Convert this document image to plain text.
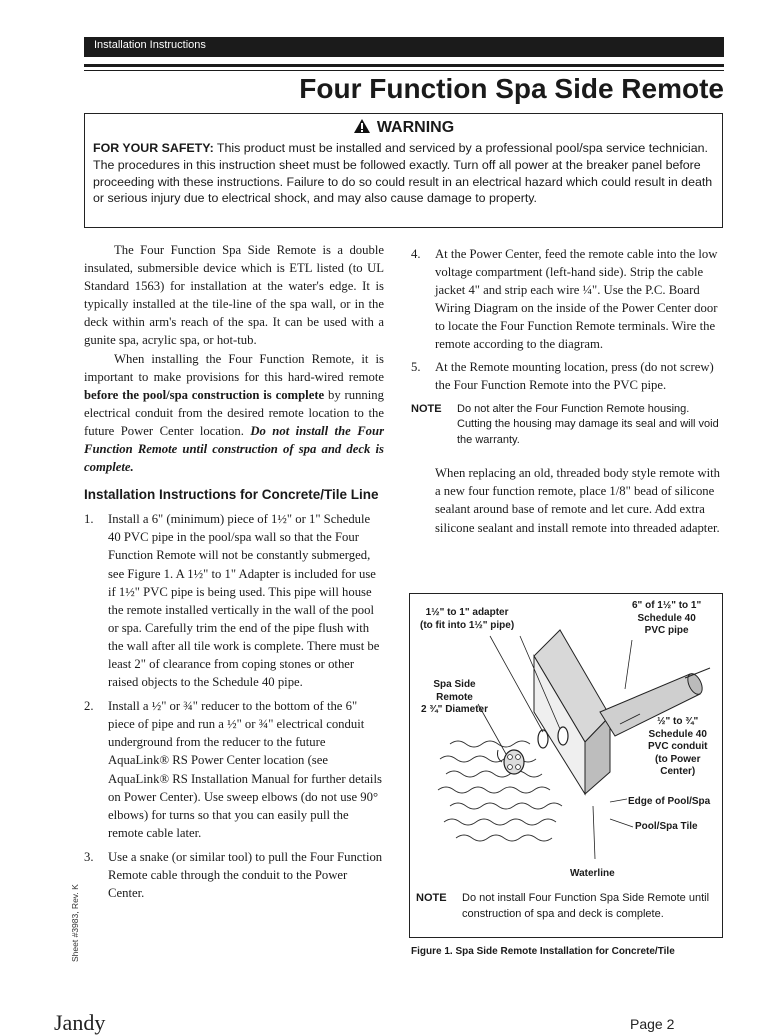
Installation Instructions
Four Function Spa Side Remote
WARNING
FOR YOUR SAFETY: This product must be installed and serviced by a professional pool/spa service technician. The procedures in this instruction sheet must be followed exactly. Turn off all power at the breaker panel before proceeding with these instructions. Failure to do so could result in an electrical hazard which could result in death or serious injury due to electrical shock, and may also cause damage to property.

The Four Function Spa Side Remote is a double insulated, submersible device which is ETL listed (to UL Standard 1563) for installation at the water's edge. It is typically installed at the tile-line of the spa wall, or in the deck within arm's reach of the spa. It can be used with a gunite spa, acrylic spa, or hot-tub.

When installing the Four Function Remote, it is important to make provisions for this hard-wired remote before the pool/spa construction is complete by running electrical conduit from the desired remote location to the future Power Center location. Do not install the Four Function Remote until construction of spa and deck is complete.

Installation Instructions for Concrete/Tile Line
1. Install a 6" (minimum) piece of 1½" or 1" Schedule 40 PVC pipe in the pool/spa wall so that the Four Function Remote will not be constantly submerged, see Figure 1. A 1½" to 1" Adapter is included for use if 1½" PVC pipe is being used. This pipe will house the remote installed vertically in the wall of the pool or spa. Carefully trim the end of the pipe flush with the wall after all tile work is complete. There must be least 2" of clearance from coping stones or other raised objects to the Schedule 40 pipe.
2. Install a ½" or ¾" reducer to the bottom of the 6" piece of pipe and run a ½" or ¾" electrical conduit underground from the reducer to the future AquaLink® RS Power Center location (see AquaLink® RS Installation Manual for further details on Power Center). Use sweep elbows (do not use 90° elbows) for turns so that you can easily pull the remote cable later.
3. Use a snake (or similar tool) to pull the Four Function Remote cable through the conduit to the Power Center.
4. At the Power Center, feed the remote cable into the low voltage compartment (left-hand side). Strip the cable jacket 4" and strip each wire ¼". Use the P.C. Board Wiring Diagram on the inside of the Power Center door to locate the Four Function Remote terminals. Wire the remote according to the diagram.
5. At the Remote mounting location, press (do not screw) the Four Function Remote into the PVC pipe.
NOTE Do not alter the Four Function Remote housing. Cutting the housing may damage its seal and will void the warranty.

When replacing an old, threaded body style remote with a new four function remote, place 1/8" bead of silicone sealant around base of remote and let cure. Add extra silicone sealant and install remote into threaded adapter.

1½" to 1" adapter
(to fit into 1½" pipe)
6" of 1½" to 1"
Schedule 40
PVC pipe
Spa Side
Remote
2 ¾" Diameter
½" to ¾"
Schedule 40
PVC conduit
(to Power
Center)
Edge of Pool/Spa
Pool/Spa Tile
Waterline
NOTE Do not install Four Function Spa Side Remote until construction of spa and deck is complete.
Figure 1. Spa Side Remote Installation for Concrete/Tile
Sheet #3983, Rev. K
Jandy	Page 2
